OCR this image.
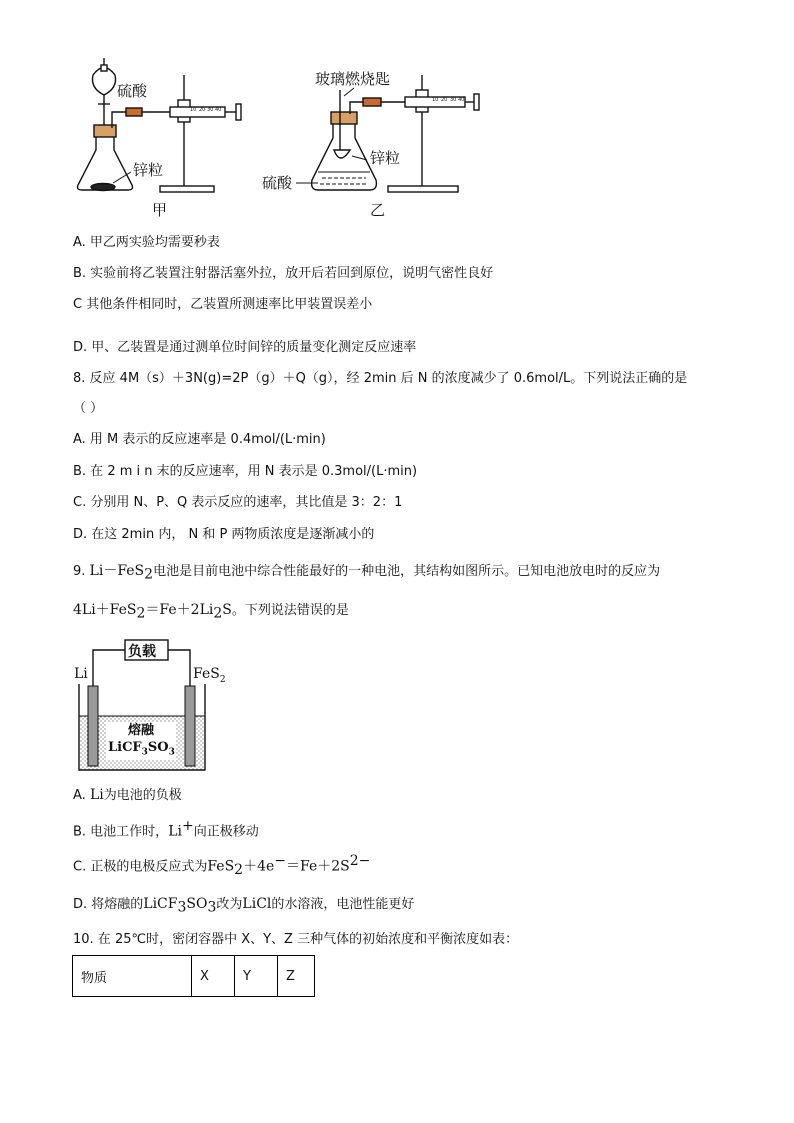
10 20 30 40
10 20 30 40
硫酸
锌粒
甲
玻璃燃烧匙
锌粒
硫酸
乙
A. 甲乙两实验均需要秒表
B. 实验前将乙装置注射器活塞外拉，放开后若回到原位，说明气密性良好
C 其他条件相同时，乙装置所测速率比甲装置误差小
D. 甲、乙装置是通过测单位时间锌的质量变化测定反应速率
8. 反应 4M（s）＋3N(g)=2P（g）＋Q（g），经 2min 后 N 的浓度减少了 0.6mol/L。下列说法正确的是
（ ）
A. 用 M 表示的反应速率是 0.4mol/(L·min)
B. 在 2 m i n 末的反应速率，用 N 表示是 0.3mol/(L·min)
C. 分别用 N、P、Q 表示反应的速率，其比值是 3：2：1
D. 在这 2min 内， N 和 P 两物质浓度是逐渐减小的
9. Li－FeS$_2$电池是目前电池中综合性能最好的一种电池，其结构如图所示。已知电池放电时的反应为
$4Li+FeS_2=Fe+2Li_2S$。下列说法错误的是
负载
Li	FeS$_2$
熔融
$LiCF_3SO_3$
A. Li为电池的负极
B. 电池工作时，Li+向正极移动
C. 正极的电极反应式为$FeS_2+4e^-=Fe+2S^{2-}$
D. 将熔融的$LiCF_3SO_3$改为LiCl的水溶液，电池性能更好
10. 在 25℃时，密闭容器中 X、Y、Z 三种气体的初始浓度和平衡浓度如表：
物质	X	Y	Z
